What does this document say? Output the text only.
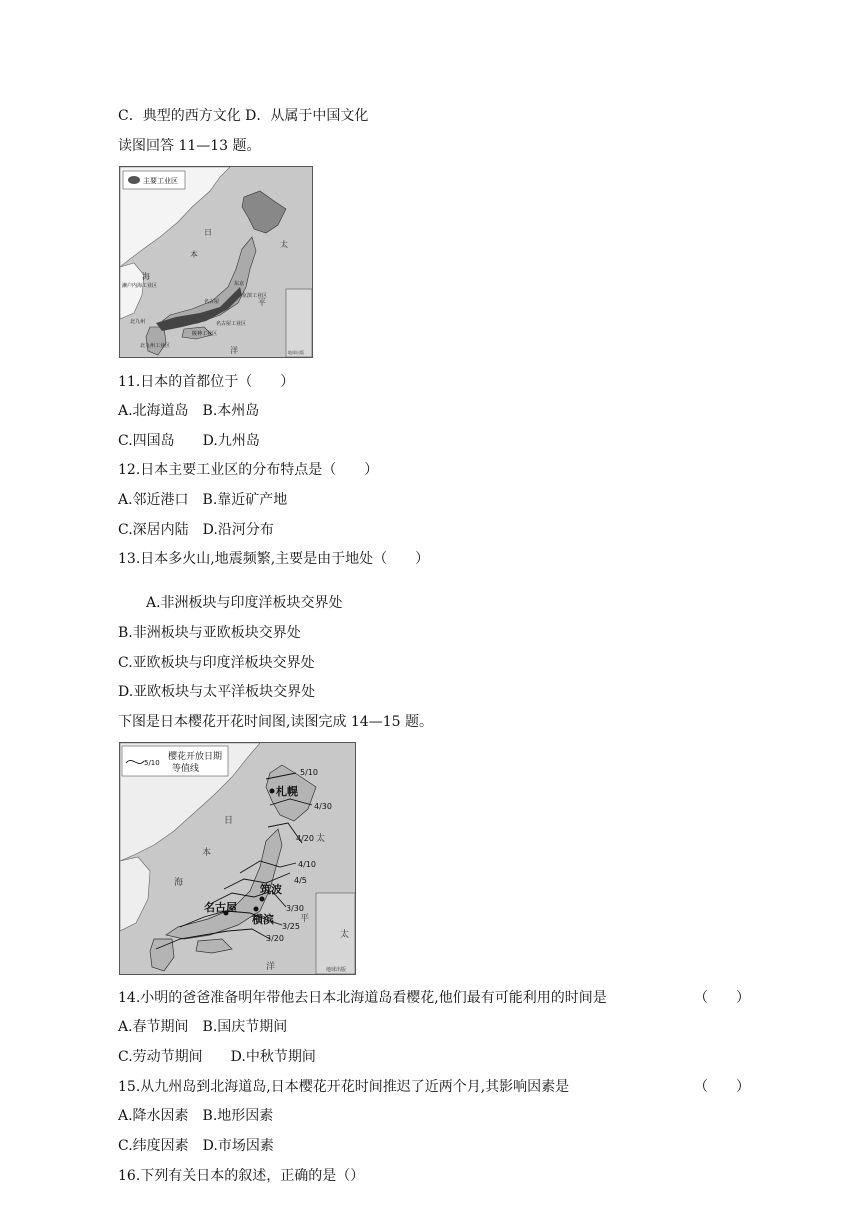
C．典型的西方文化 D．从属于中国文化
读图回答 11—13 题。
主要工业区
日
本
海
太
平
洋
濑户内海工业区
北九州工业区
阪神工业区
名古屋工业区
京滨工业区
北九州
名古屋
东京
地球出版
11.日本的首都位于（　　）
A.北海道岛　B.本州岛
C.四国岛　　D.九州岛
12.日本主要工业区的分布特点是（　　）
A.邻近港口　B.靠近矿产地
C.深居内陆　D.沿河分布
13.日本多火山,地震频繁,主要是由于地处（　　）
A.非洲板块与印度洋板块交界处
B.非洲板块与亚欧板块交界处
C.亚欧板块与印度洋板块交界处
D.亚欧板块与太平洋板块交界处
下图是日本樱花开花时间图,读图完成 14—15 题。
5/10
樱花开放日期
等值线	5/10
4/30
4/20
4/10
4/5
3/30
3/25
3/20
札幌
筑波
名古屋
横滨
日
本
海
太
平
洋
太
地球出版
14.小明的爸爸准备明年带他去日本北海道岛看樱花,他们最有可能利用的时间是	（　　）
A.春节期间　B.国庆节期间
C.劳动节期间　　D.中秋节期间
15.从九州岛到北海道岛,日本樱花开花时间推迟了近两个月,其影响因素是	（　　）
A.降水因素　B.地形因素
C.纬度因素　D.市场因素
16.下列有关日本的叙述，正确的是（）
